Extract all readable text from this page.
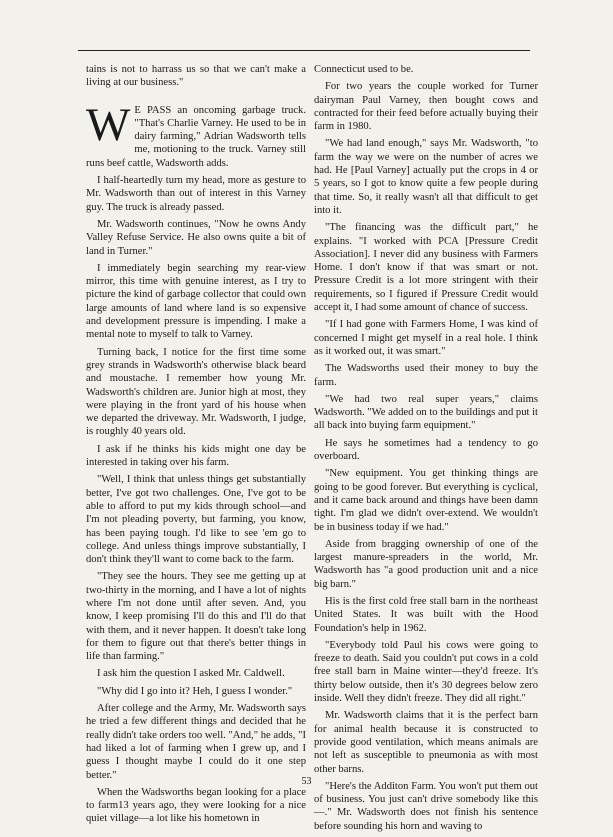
tains is not to harrass us so that we can't make a living at our business."

W E PASS an oncoming garbage truck. "That's Charlie Varney. He used to be in dairy farming," Adrian Wadsworth tells me, motioning to the truck. Varney still runs beef cattle, Wadsworth adds.

I half-heartedly turn my head, more as gesture to Mr. Wadsworth than out of interest in this Varney guy. The truck is already passed.

Mr. Wadsworth continues, "Now he owns Andy Valley Refuse Service. He also owns quite a bit of land in Turner."

I immediately begin searching my rear-view mirror, this time with genuine interest, as I try to picture the kind of garbage collector that could own large amounts of land where land is so expensive and development pressure is impending. I make a mental note to myself to talk to Varney.

Turning back, I notice for the first time some grey strands in Wadsworth's otherwise black beard and moustache. I remember how young Mr. Wadsworth's children are. Junior high at most, they were playing in the front yard of his house when we departed the driveway. Mr. Wadsworth, I judge, is roughly 40 years old.

I ask if he thinks his kids might one day be interested in taking over his farm.

"Well, I think that unless things get substantially better, I've got two challenges. One, I've got to be able to afford to put my kids through school—and I'm not pleading poverty, but farming, you know, has been paying tough. I'd like to see 'em go to college. And unless things improve substantially, I don't think they'll want to come back to the farm.

"They see the hours. They see me getting up at two-thirty in the morning, and I have a lot of nights where I'm not done until after seven. And, you know, I keep promising I'll do this and I'll do that with them, and it never happen. It doesn't take long for them to figure out that there's better things in life than farming."

I ask him the question I asked Mr. Caldwell.

"Why did I go into it? Heh, I guess I wonder."

After college and the Army, Mr. Wadsworth says he tried a few different things and decided that he really didn't take orders too well. "And," he adds, "I had liked a lot of farming when I grew up, and I guess I thought maybe I could do it one step better."

When the Wadsworths began looking for a place to farm13 years ago, they were looking for a nice quiet village—a lot like his hometown in

Connecticut used to be.

For two years the couple worked for Turner dairyman Paul Varney, then bought cows and contracted for their feed before actually buying their farm in 1980.

"We had land enough," says Mr. Wadsworth, "to farm the way we were on the number of acres we had. He [Paul Varney] actually put the crops in 4 or 5 years, so I got to know quite a few people during that time. So, it really wasn't all that difficult to get into it.

"The financing was the difficult part," he explains. "I worked with PCA [Pressure Credit Association]. I never did any business with Farmers Home. I don't know if that was smart or not. Pressure Credit is a lot more stringent with their requirements, so I figured if Pressure Credit would accept it, I had some amount of chance of success.

"If I had gone with Farmers Home, I was kind of concerned I might get myself in a real hole. I think as it worked out, it was smart."

The Wadsworths used their money to buy the farm.

"We had two real super years," claims Wadsworth. "We added on to the buildings and put it all back into buying farm equipment."

He says he sometimes had a tendency to go overboard.

"New equipment. You get thinking things are going to be good forever. But everything is cyclical, and it came back around and things have been damn tight. I'm glad we didn't over-extend. We wouldn't be in business today if we had."

Aside from bragging ownership of one of the largest manure-spreaders in the world, Mr. Wadsworth has "a good production unit and a nice big barn."

His is the first cold free stall barn in the northeast United States. It was built with the Hood Foundation's help in 1962.

"Everybody told Paul his cows were going to freeze to death. Said you couldn't put cows in a cold free stall barn in Maine winter—they'd freeze. It's thirty below outside, then it's 30 degrees below zero inside. Well they didn't freeze. They did all right."

Mr. Wadsworth claims that it is the perfect barn for animal health because it is constructed to provide good ventilation, which means animals are not left as susceptible to pneumonia as with most other barns.

"Here's the Additon Farm. You won't put them out of business. You just can't drive somebody like this—." Mr. Wadsworth does not finish his sentence before sounding his horn and waving to

53
